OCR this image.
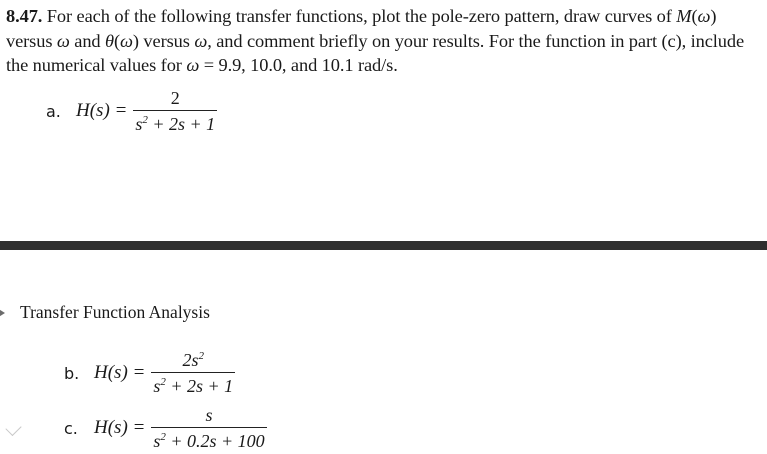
8.47. For each of the following transfer functions, plot the pole-zero pattern, draw curves of M(ω) versus ω and θ(ω) versus ω, and comment briefly on your results. For the function in part (c), include the numerical values for ω = 9.9, 10.0, and 10.1 rad/s.
a. $H(s) = \frac{2}{s^2 + 2s + 1}$
Transfer Function Analysis
b. $H(s) = \frac{2s^2}{s^2 + 2s + 1}$
c. $H(s) = \frac{s}{s^2 + 0.2s + 100}$
